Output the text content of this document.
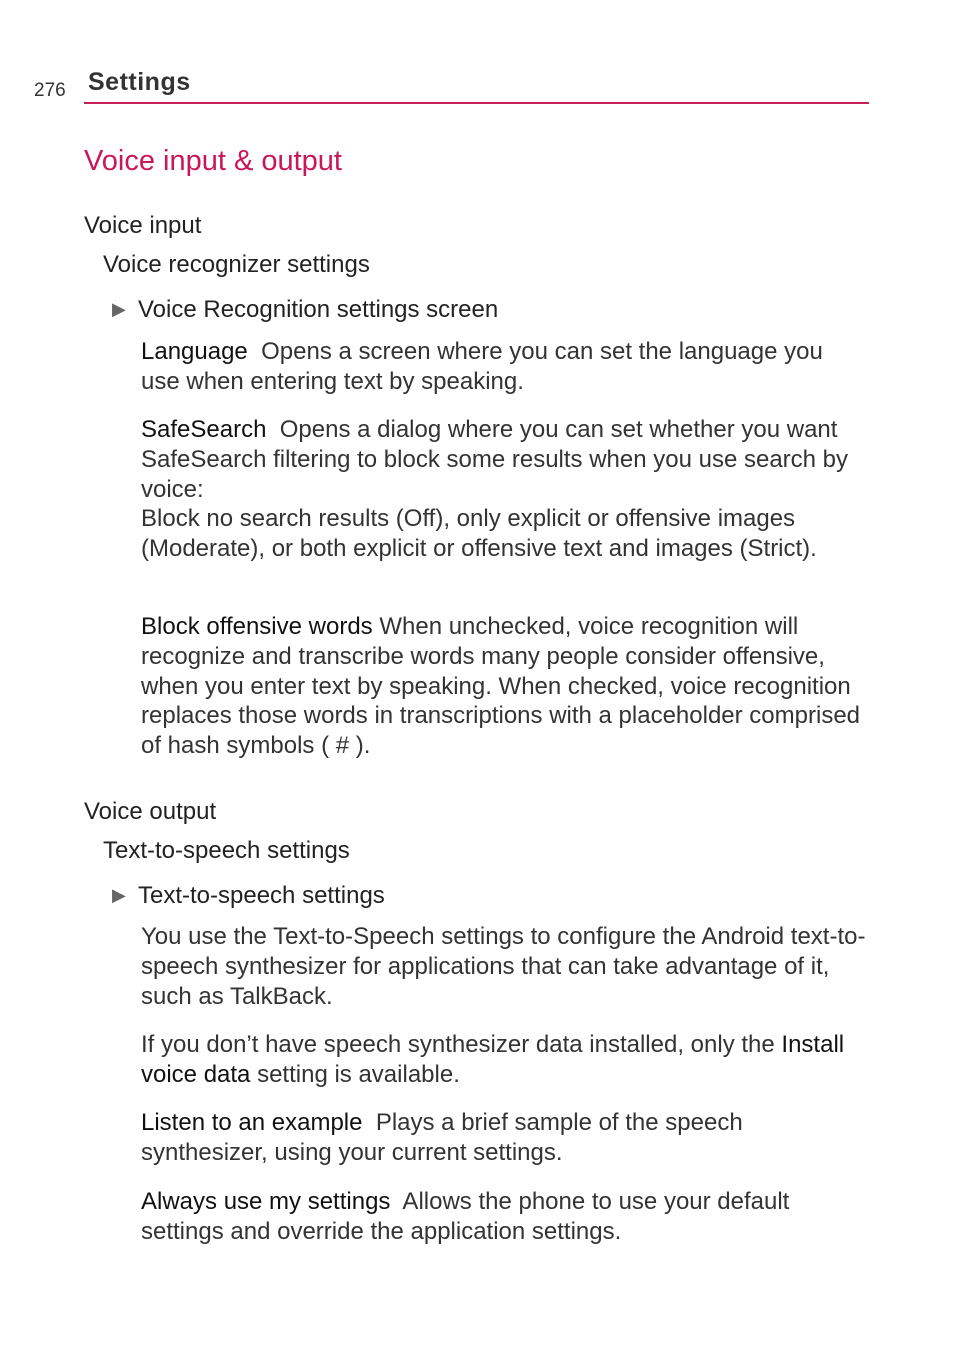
276 Settings
Voice input & output
Voice input
Voice recognizer settings
▶ Voice Recognition settings screen
Language  Opens a screen where you can set the language you use when entering text by speaking.
SafeSearch  Opens a dialog where you can set whether you want SafeSearch filtering to block some results when you use search by voice:
Block no search results (Off), only explicit or offensive images (Moderate), or both explicit or offensive text and images (Strict).
Block offensive words When unchecked, voice recognition will recognize and transcribe words many people consider offensive, when you enter text by speaking. When checked, voice recognition replaces those words in transcriptions with a placeholder comprised of hash symbols ( # ).
Voice output
Text-to-speech settings
▶ Text-to-speech settings
You use the Text-to-Speech settings to configure the Android text-to-speech synthesizer for applications that can take advantage of it, such as TalkBack.
If you don’t have speech synthesizer data installed, only the Install voice data setting is available.
Listen to an example  Plays a brief sample of the speech synthesizer, using your current settings.
Always use my settings  Allows the phone to use your default settings and override the application settings.
